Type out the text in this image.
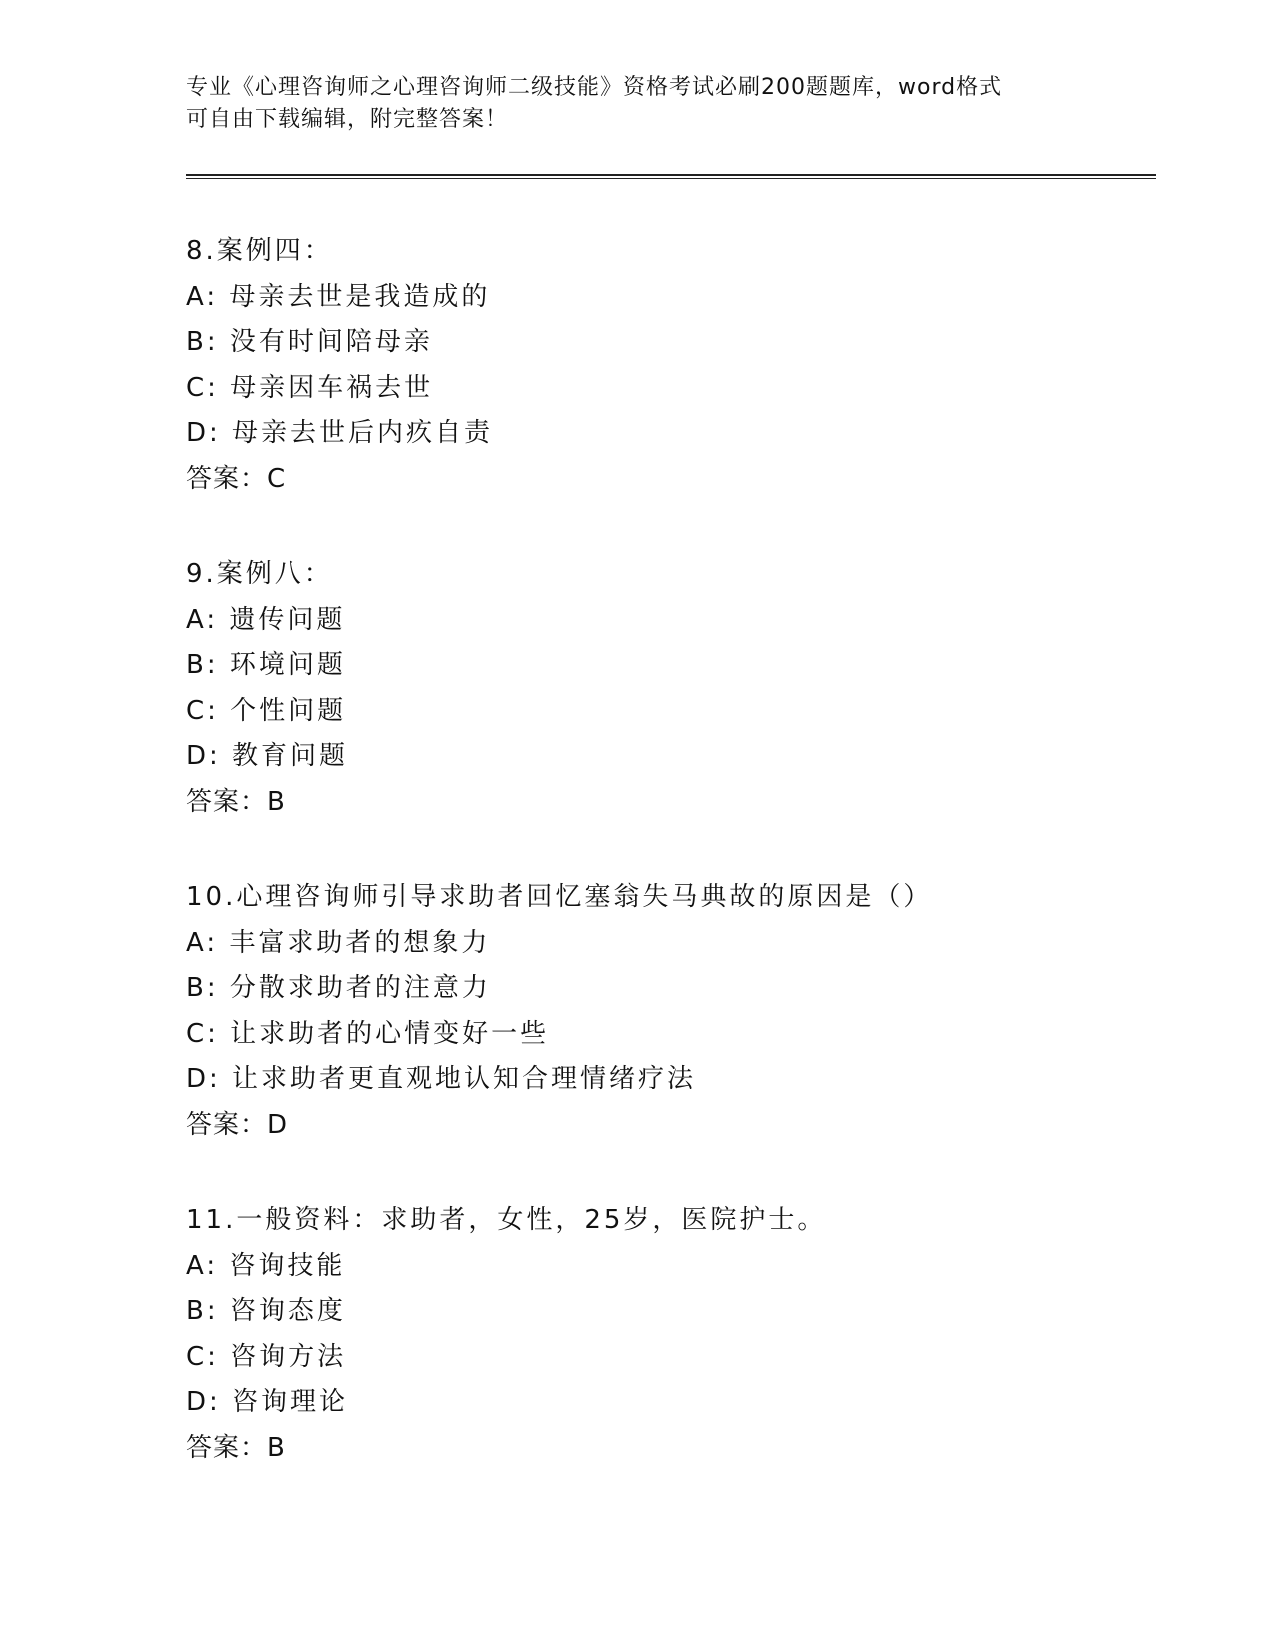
专业《心理咨询师之心理咨询师二级技能》资格考试必刷200题题库，word格式
可自由下载编辑，附完整答案！
8.案例四：
A: 母亲去世是我造成的
B: 没有时间陪母亲
C: 母亲因车祸去世
D: 母亲去世后内疚自责
答案：C
9.案例八：
A: 遗传问题
B: 环境问题
C: 个性问题
D: 教育问题
答案：B
10.心理咨询师引导求助者回忆塞翁失马典故的原因是（）
A: 丰富求助者的想象力
B: 分散求助者的注意力
C: 让求助者的心情变好一些
D: 让求助者更直观地认知合理情绪疗法
答案：D
11.一般资料：求助者，女性，25岁，医院护士。
A: 咨询技能
B: 咨询态度
C: 咨询方法
D: 咨询理论
答案：B
